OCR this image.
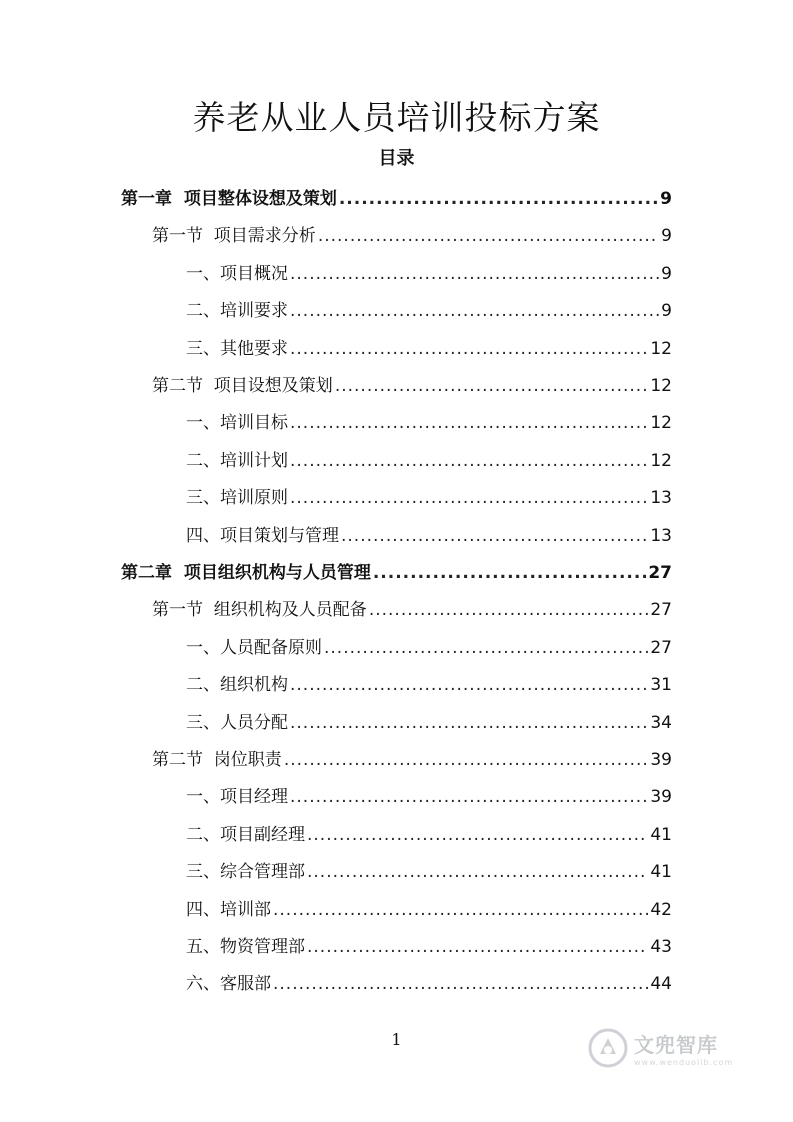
养老从业人员培训投标方案
目录
第一章  项目整体设想及策划 .....	9
第一节  项目需求分析 .....	9
一、项目概况 .....	9
二、培训要求 .....	9
三、其他要求 .....	12
第二节  项目设想及策划 .....	12
一、培训目标 .....	12
二、培训计划 .....	12
三、培训原则 .....	13
四、项目策划与管理 .....	13
第二章  项目组织机构与人员管理 .....	27
第一节  组织机构及人员配备 .....	27
一、人员配备原则 .....	27
二、组织机构 .....	31
三、人员分配 .....	34
第二节  岗位职责 .....	39
一、项目经理 .....	39
二、项目副经理 .....	41
三、综合管理部 .....	41
四、培训部 .....	42
五、物资管理部 .....	43
六、客服部 .....	44
1	文兜智库
www.wenduolib.com
